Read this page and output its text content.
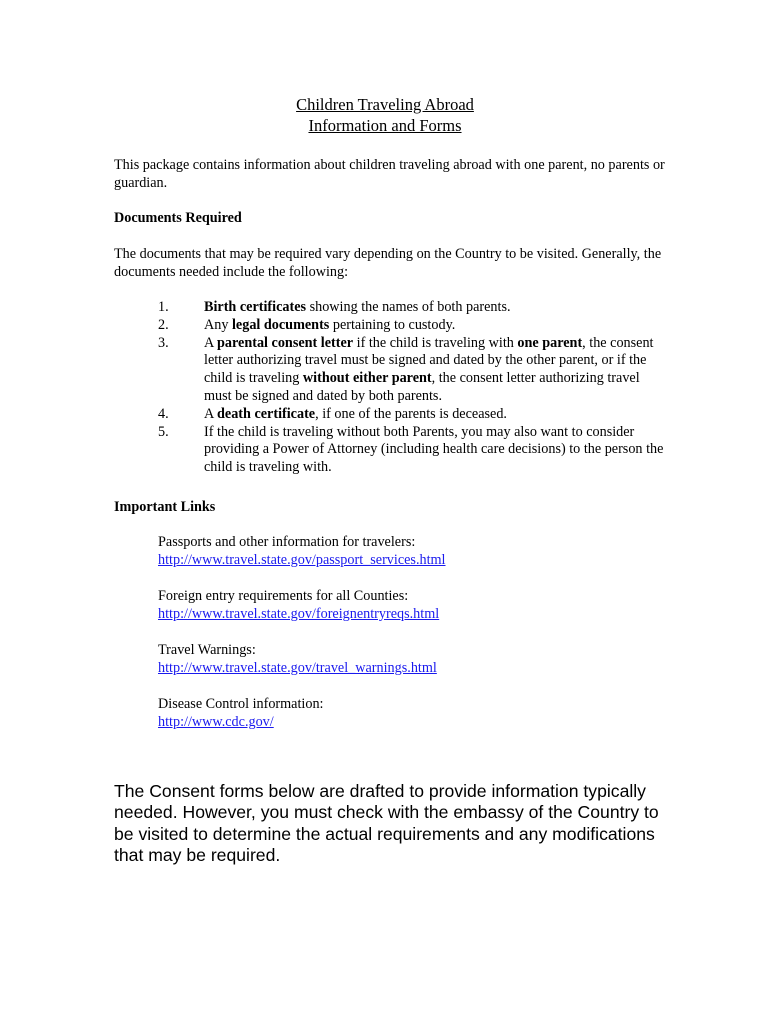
Children Traveling Abroad
Information and Forms
This package contains information about children traveling abroad with one parent, no parents or guardian.
Documents Required
The documents that may be required vary depending on the Country to be visited. Generally, the documents needed include the following:
1.	Birth certificates showing the names of both parents.
2.	Any legal documents pertaining to custody.
3.	A parental consent letter if the child is traveling with one parent, the consent letter authorizing travel must be signed and dated by the other parent, or if the child is traveling without either parent, the consent letter authorizing travel must be signed and dated by both parents.
4.	A death certificate, if one of the parents is deceased.
5.	If the child is traveling without both Parents, you may also want to consider providing a Power of Attorney (including health care decisions) to the person the child is traveling with.
Important Links
Passports and other information for travelers:
http://www.travel.state.gov/passport_services.html
Foreign entry requirements for all Counties:
http://www.travel.state.gov/foreignentryreqs.html
Travel Warnings:
http://www.travel.state.gov/travel_warnings.html
Disease Control information:
http://www.cdc.gov/
The Consent forms below are drafted to provide information typically needed. However, you must check with the embassy of the Country to be visited to determine the actual requirements and any modifications that may be required.
